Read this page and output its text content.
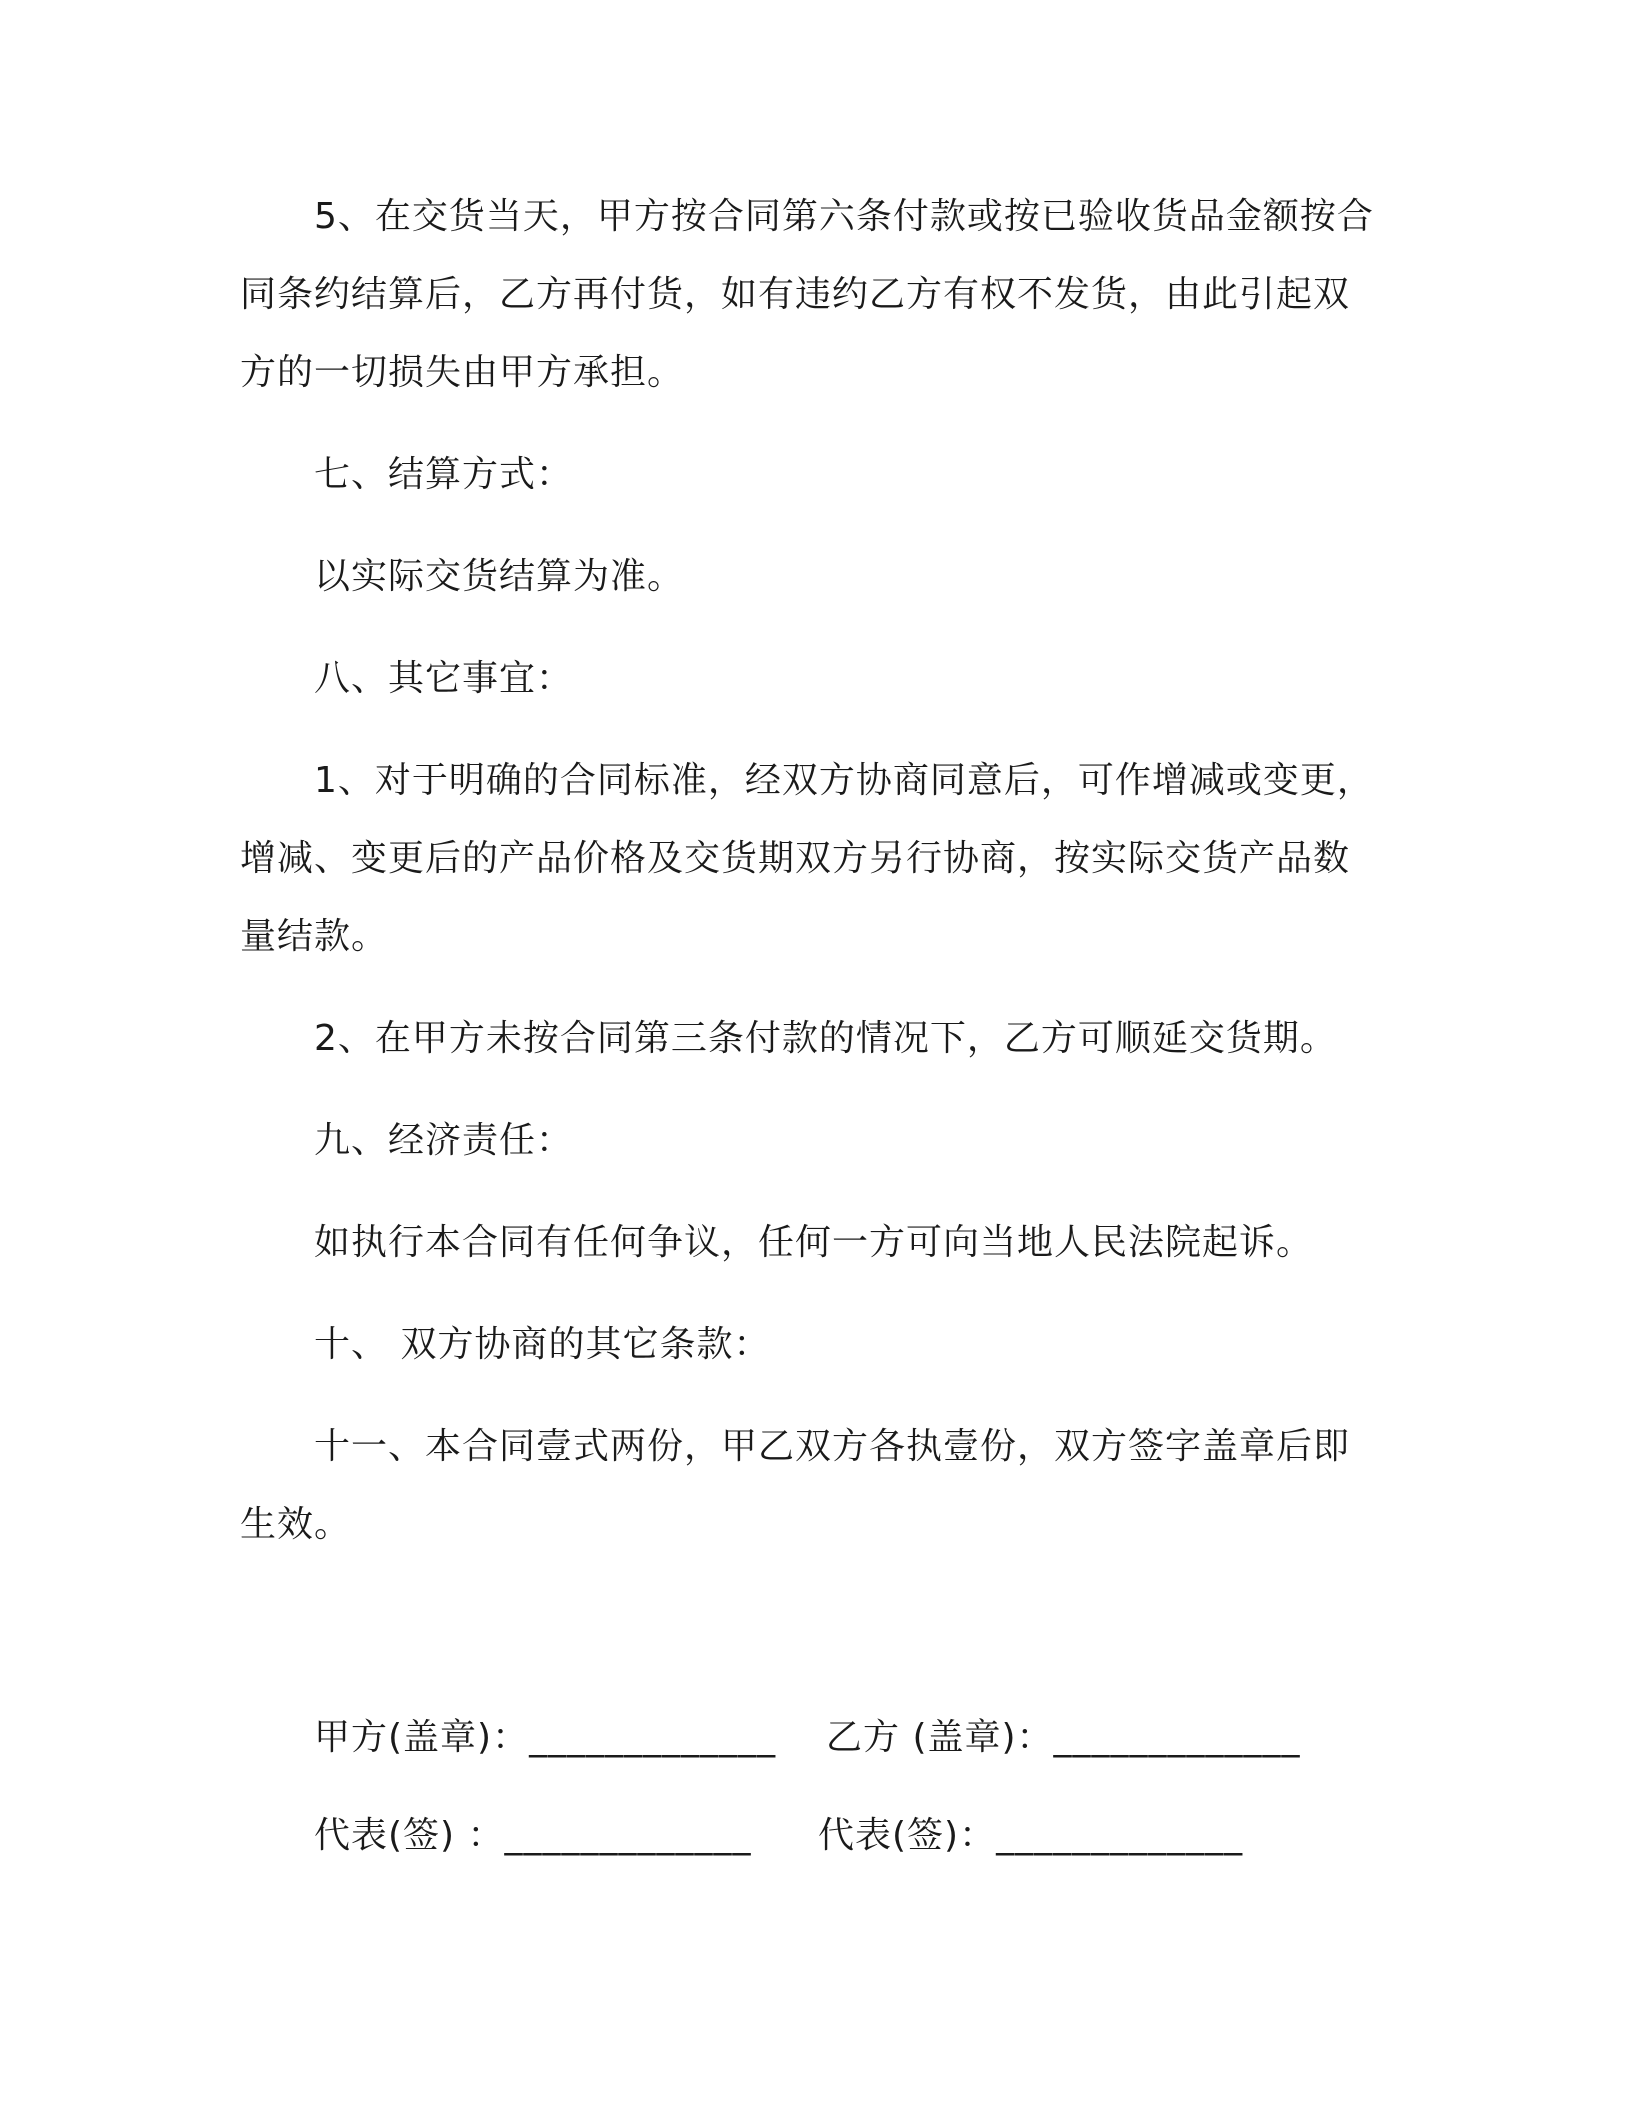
5、在交货当天，甲方按合同第六条付款或按已验收货品金额按合
同条约结算后，乙方再付货，如有违约乙方有权不发货，由此引起双
方的一切损失由甲方承担。
七、结算方式：
以实际交货结算为准。
八、其它事宜：
1、对于明确的合同标准，经双方协商同意后，可作增减或变更，
增减、变更后的产品价格及交货期双方另行协商，按实际交货产品数
量结款。
2、在甲方未按合同第三条付款的情况下，乙方可顺延交货期。
九、经济责任：
如执行本合同有任何争议，任何一方可向当地人民法院起诉。
十、 双方协商的其它条款：
十一、本合同壹式两份，甲乙双方各执壹份，双方签字盖章后即
生效。
甲方(盖章)：_____________ 乙方 (盖章)：_____________
代表(签) ：_____________ 代表(签)：_____________
